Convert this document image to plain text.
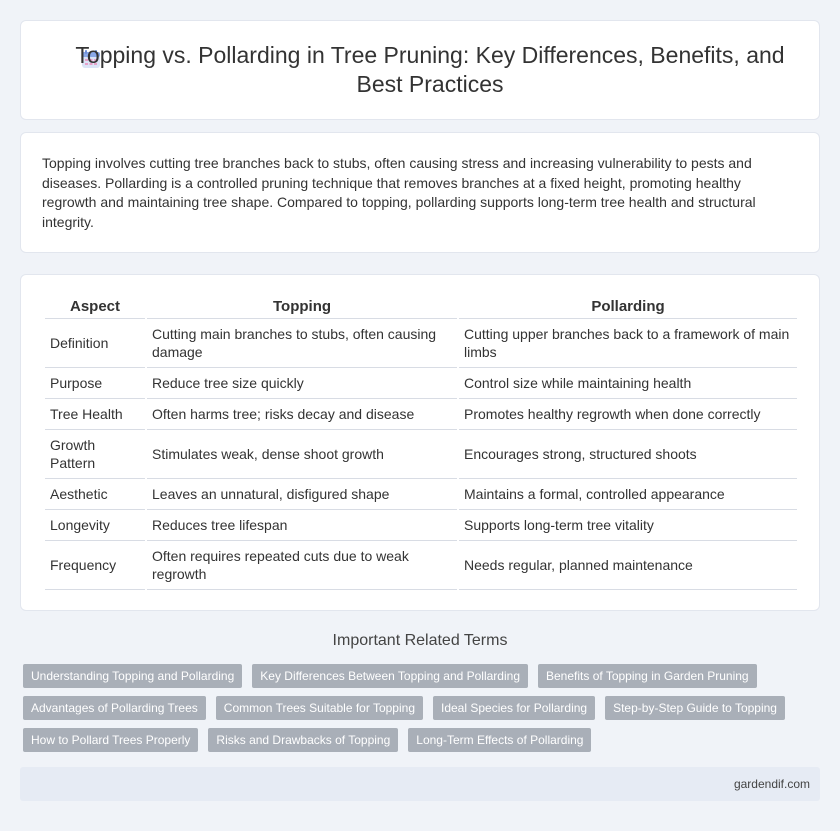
Topping vs. Pollarding in Tree Pruning: Key Differences, Benefits, and Best Practices

Topping involves cutting tree branches back to stubs, often causing stress and increasing vulnerability to pests and diseases. Pollarding is a controlled pruning technique that removes branches at a fixed height, promoting healthy regrowth and maintaining tree shape. Compared to topping, pollarding supports long-term tree health and structural integrity.

Aspect	Topping	Pollarding
Definition	Cutting main branches to stubs, often causing damage	Cutting upper branches back to a framework of main limbs
Purpose	Reduce tree size quickly	Control size while maintaining health
Tree Health	Often harms tree; risks decay and disease	Promotes healthy regrowth when done correctly
Growth Pattern	Stimulates weak, dense shoot growth	Encourages strong, structured shoots
Aesthetic	Leaves an unnatural, disfigured shape	Maintains a formal, controlled appearance
Longevity	Reduces tree lifespan	Supports long-term tree vitality
Frequency	Often requires repeated cuts due to weak regrowth	Needs regular, planned maintenance
Important Related Terms
Understanding Topping and Pollarding	Key Differences Between Topping and Pollarding	Benefits of Topping in Garden Pruning
Advantages of Pollarding Trees	Common Trees Suitable for Topping	Ideal Species for Pollarding	Step-by-Step Guide to Topping
How to Pollard Trees Properly	Risks and Drawbacks of Topping	Long-Term Effects of Pollarding
gardendif.com
